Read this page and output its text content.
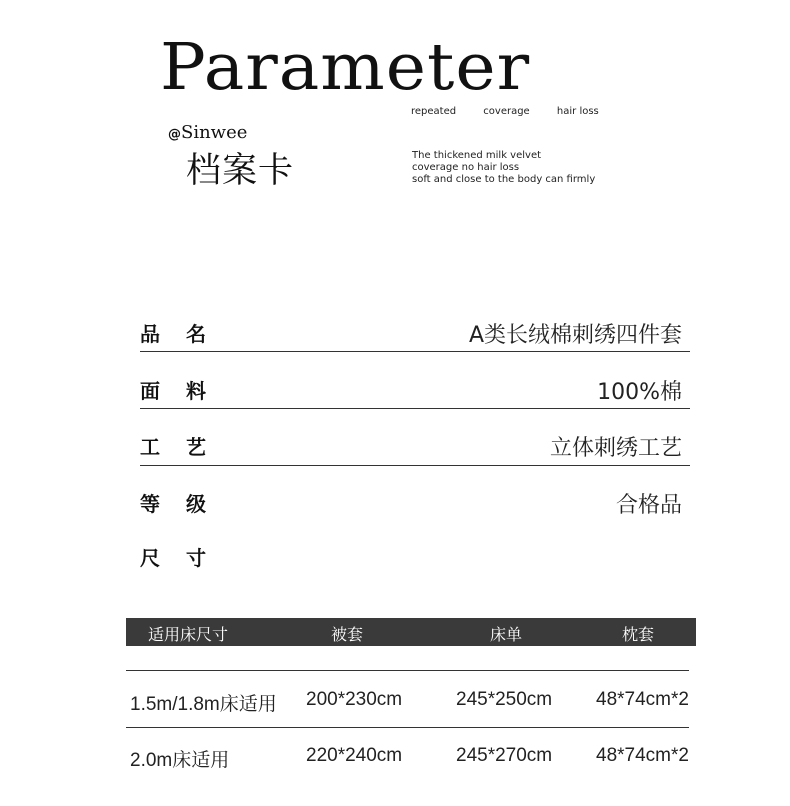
Parameter
repeated	coverage	hair loss
@Sinwee
档案卡	The thickened milk velvet
coverage no hair loss
soft and close to the body can firmly
品名	A类长绒棉刺绣四件套
面料	100%棉
工艺	立体刺绣工艺
等级	合格品
尺寸
适用床尺寸	被套	床单	枕套
1.5m/1.8m床适用 200*230cm	245*250cm 48*74cm*2
2.0m床适用	220*240cm	245*270cm 48*74cm*2
